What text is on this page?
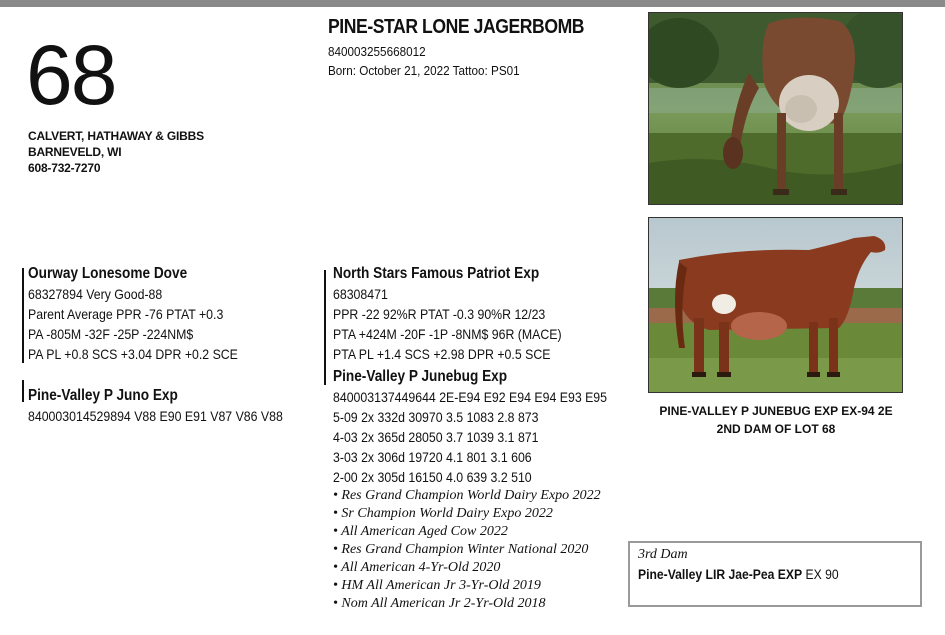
68
CALVERT, HATHAWAY & GIBBS
BARNEVELD, WI
608-732-7270
PINE-STAR LONE JAGERBOMB
840003255668012
Born: October 21, 2022 Tattoo: PS01
PINE-VALLEY P JUNEBUG EXP EX-94 2E
2ND DAM OF LOT 68
Ourway Lonesome Dove
68327894 Very Good-88
Parent Average PPR -76 PTAT +0.3
PA -805M -32F -25P -224NM$
PA PL +0.8 SCS +3.04 DPR +0.2 SCE
Pine-Valley P Juno Exp
840003014529894 V88 E90 E91 V87 V86 V88
North Stars Famous Patriot Exp
68308471
PPR -22 92%R PTAT -0.3 90%R 12/23
PTA +424M -20F -1P -8NM$ 96R (MACE)
PTA PL +1.4 SCS +2.98 DPR +0.5 SCE
Pine-Valley P Junebug Exp
840003137449644 2E-E94 E92 E94 E94 E93 E95
5-09 2x 332d 30970 3.5 1083 2.8 873
4-03 2x 365d 28050 3.7 1039 3.1 871
3-03 2x 306d 19720 4.1 801 3.1 606
2-00 2x 305d 16150 4.0 639 3.2 510
• Res Grand Champion World Dairy Expo 2022
• Sr Champion World Dairy Expo 2022
• All American Aged Cow 2022
• Res Grand Champion Winter National 2020
• All American 4-Yr-Old 2020
• HM All American Jr 3-Yr-Old 2019
• Nom All American Jr 2-Yr-Old 2018
3rd Dam
Pine-Valley LIR Jae-Pea EXP EX 90
